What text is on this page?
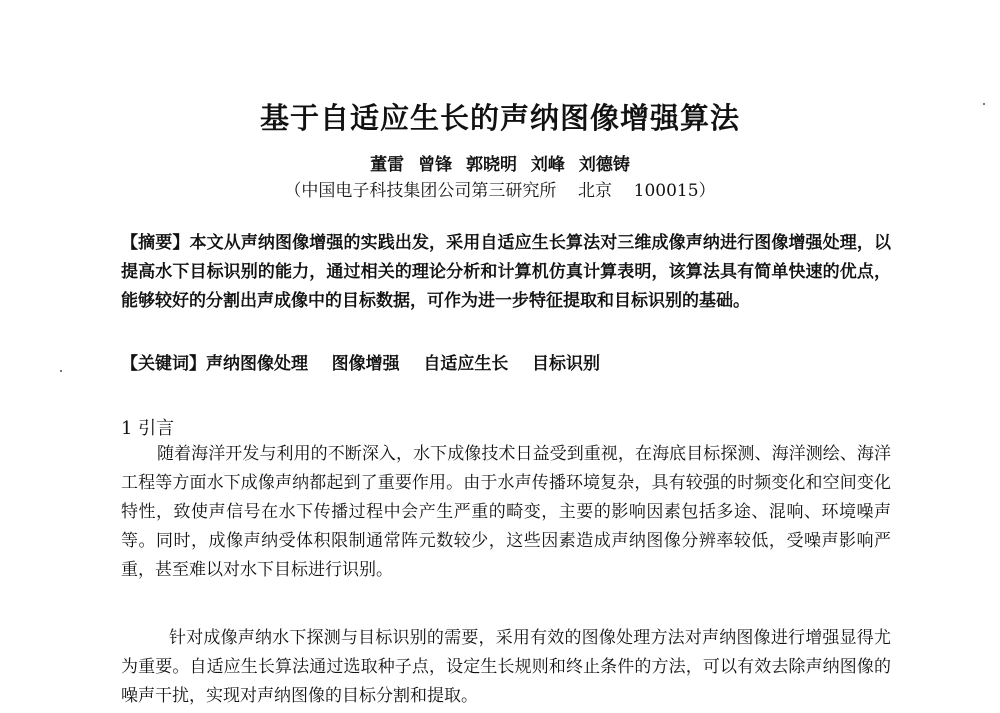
基于自适应生长的声纳图像增强算法
董雷 曾锋 郭晓明 刘峰 刘德铸
（中国电子科技集团公司第三研究所    北京    100015）
【摘要】本文从声纳图像增强的实践出发，采用自适应生长算法对三维成像声纳进行图像增强处理，以提高水下目标识别的能力，通过相关的理论分析和计算机仿真计算表明，该算法具有简单快速的优点，能够较好的分割出声成像中的目标数据，可作为进一步特征提取和目标识别的基础。
【关键词】声纳图像处理    图像增强    自适应生长    目标识别
1 引言
随着海洋开发与利用的不断深入，水下成像技术日益受到重视，在海底目标探测、海洋测绘、海洋工程等方面水下成像声纳都起到了重要作用。由于水声传播环境复杂，具有较强的时频变化和空间变化特性，致使声信号在水下传播过程中会产生严重的畸变，主要的影响因素包括多途、混响、环境噪声等。同时，成像声纳受体积限制通常阵元数较少，这些因素造成声纳图像分辨率较低，受噪声影响严重，甚至难以对水下目标进行识别。
针对成像声纳水下探测与目标识别的需要，采用有效的图像处理方法对声纳图像进行增强显得尤为重要。自适应生长算法通过选取种子点，设定生长规则和终止条件的方法，可以有效去除声纳图像的噪声干扰，实现对声纳图像的目标分割和提取。
